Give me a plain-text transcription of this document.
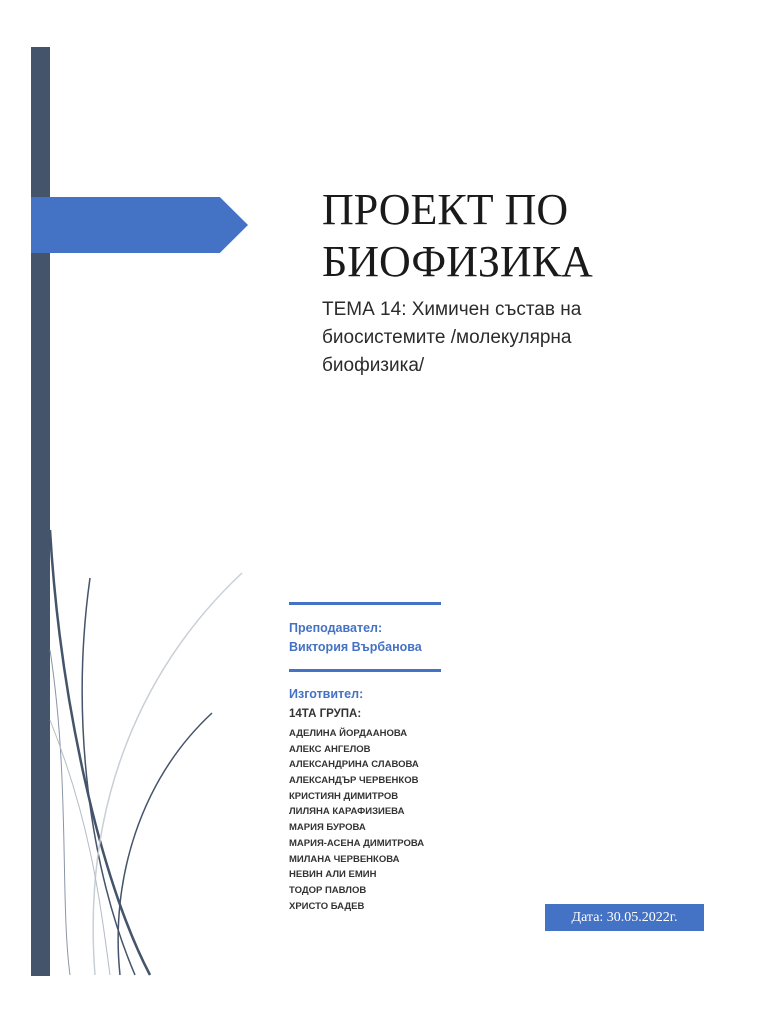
ПРОЕКТ ПО
БИОФИЗИКА

ТЕМА 14: Химичен състав на биосистемите /молекулярна биофизика/

Преподавател:
Виктория Върбанова
Изготвител:
14ТА ГРУПА:
АДЕЛИНА ЙОРДААНОВА
АЛЕКС АНГЕЛОВ
АЛЕКСАНДРИНА СЛАВОВА
АЛЕКСАНДЪР ЧЕРВЕНКОВ
КРИСТИЯН ДИМИТРОВ
ЛИЛЯНА КАРАФИЗИЕВА
МАРИЯ БУРОВА
МАРИЯ-АСЕНА ДИМИТРОВА
МИЛАНА ЧЕРВЕНКОВА
НЕВИН АЛИ ЕМИН
ТОДОР ПАВЛОВ
ХРИСТО БАДЕВ
Дата: 30.05.2022г.
